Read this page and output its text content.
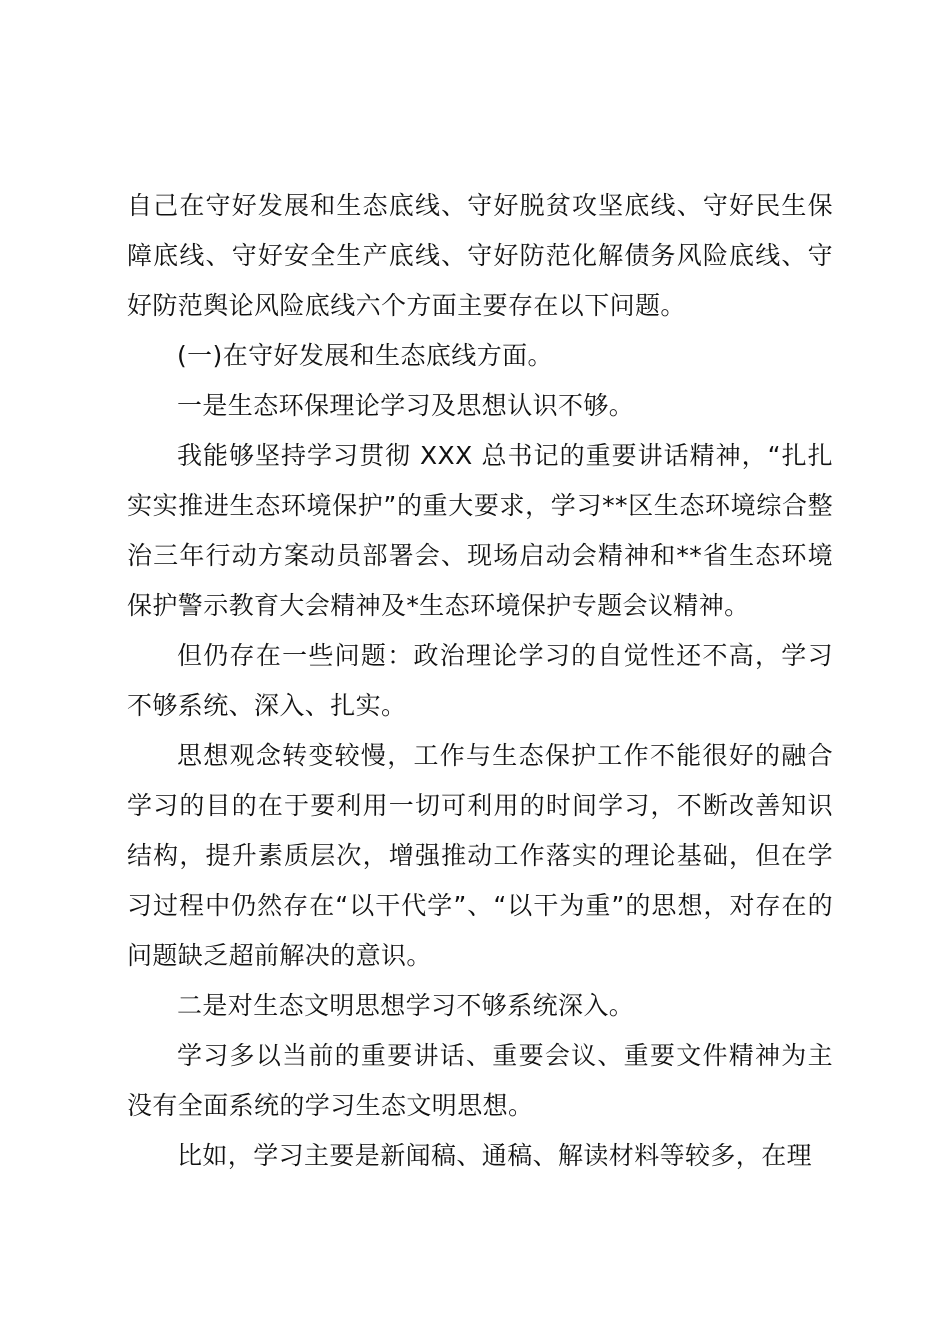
自己在守好发展和生态底线、守好脱贫攻坚底线、守好民生保障底线、守好安全生产底线、守好防范化解债务风险底线、守好防范舆论风险底线六个方面主要存在以下问题。

(一)在守好发展和生态底线方面。

一是生态环保理论学习及思想认识不够。

我能够坚持学习贯彻 XXX 总书记的重要讲话精神，“扎扎实实推进生态环境保护”的重大要求，学习**区生态环境综合整治三年行动方案动员部署会、现场启动会精神和**省生态环境保护警示教育大会精神及*生态环境保护专题会议精神。

但仍存在一些问题：政治理论学习的自觉性还不高，学习不够系统、深入、扎实。

思想观念转变较慢，工作与生态保护工作不能很好的融合学习的目的在于要利用一切可利用的时间学习，不断改善知识结构，提升素质层次，增强推动工作落实的理论基础，但在学习过程中仍然存在“以干代学”、“以干为重”的思想，对存在的问题缺乏超前解决的意识。

二是对生态文明思想学习不够系统深入。

学习多以当前的重要讲话、重要会议、重要文件精神为主没有全面系统的学习生态文明思想。

比如，学习主要是新闻稿、通稿、解读材料等较多，在理
